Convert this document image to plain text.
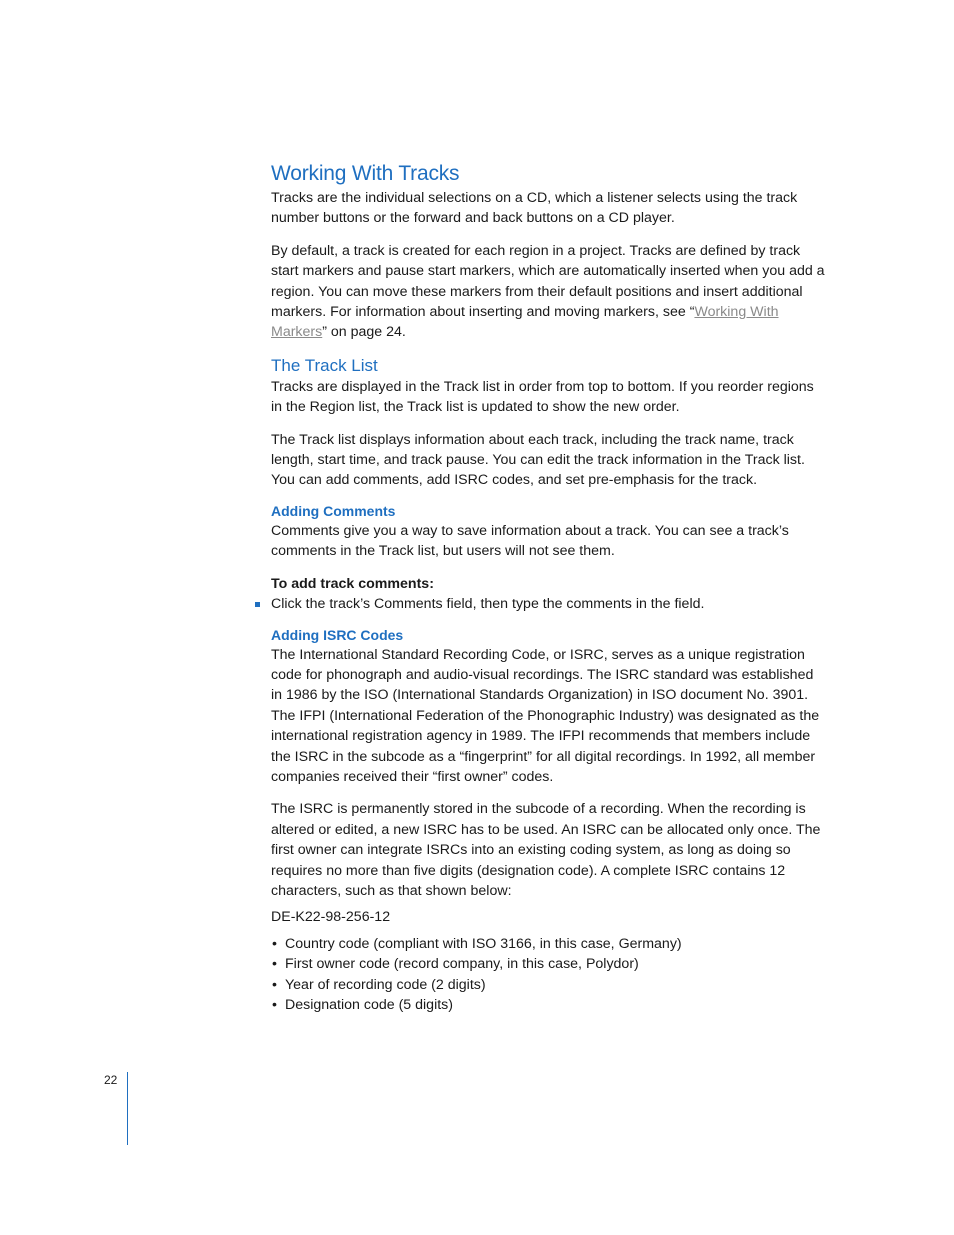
Working With Tracks

Tracks are the individual selections on a CD, which a listener selects using the track number buttons or the forward and back buttons on a CD player.

By default, a track is created for each region in a project. Tracks are defined by track start markers and pause start markers, which are automatically inserted when you add a region. You can move these markers from their default positions and insert additional markers. For information about inserting and moving markers, see “Working With Markers” on page 24.

The Track List

Tracks are displayed in the Track list in order from top to bottom. If you reorder regions in the Region list, the Track list is updated to show the new order.

The Track list displays information about each track, including the track name, track length, start time, and track pause. You can edit the track information in the Track list. You can add comments, add ISRC codes, and set pre-emphasis for the track.

Adding Comments

Comments give you a way to save information about a track. You can see a track’s comments in the Track list, but users will not see them.

To add track comments:
Click the track’s Comments field, then type the comments in the field.
Adding ISRC Codes

The International Standard Recording Code, or ISRC, serves as a unique registration code for phonograph and audio-visual recordings. The ISRC standard was established in 1986 by the ISO (International Standards Organization) in ISO document No. 3901. The IFPI (International Federation of the Phonographic Industry) was designated as the international registration agency in 1989. The IFPI recommends that members include the ISRC in the subcode as a “fingerprint” for all digital recordings. In 1992, all member companies received their “first owner” codes.

The ISRC is permanently stored in the subcode of a recording. When the recording is altered or edited, a new ISRC has to be used. An ISRC can be allocated only once. The first owner can integrate ISRCs into an existing coding system, as long as doing so requires no more than five digits (designation code). A complete ISRC contains 12 characters, such as that shown below:

DE-K22-98-256-12
• Country code (compliant with ISO 3166, in this case, Germany)
• First owner code (record company, in this case, Polydor)
• Year of recording code (2 digits)
• Designation code (5 digits)
22
